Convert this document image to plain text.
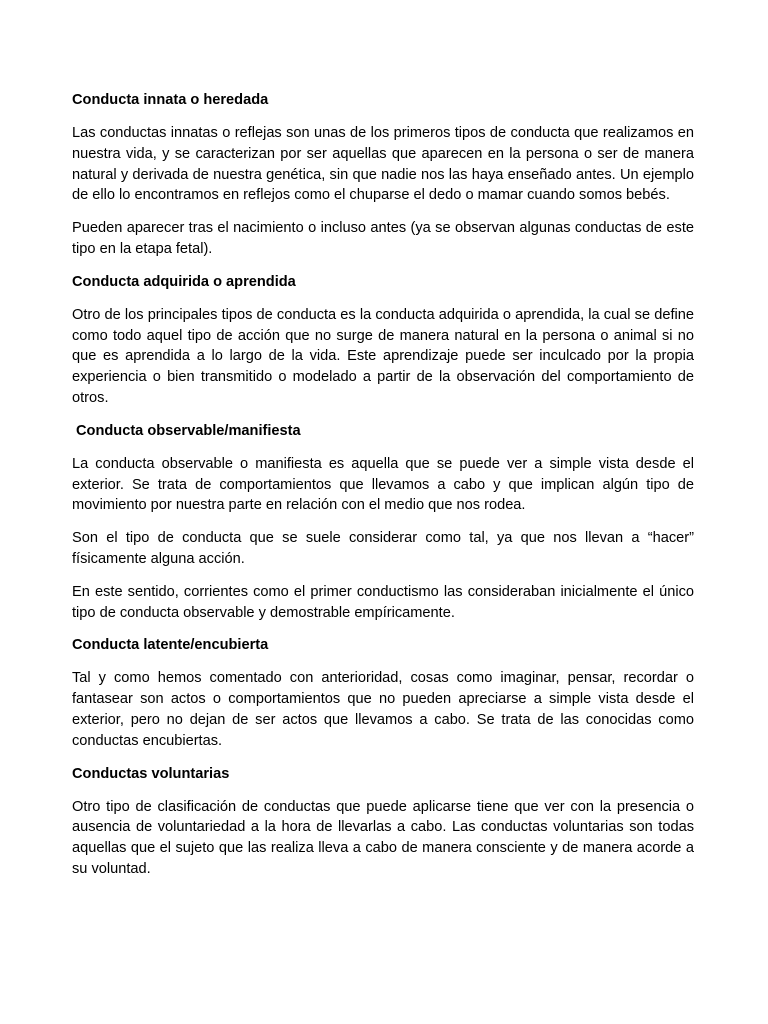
Conducta innata o heredada

Las conductas innatas o reflejas son unas de los primeros tipos de conducta que realizamos en nuestra vida, y se caracterizan por ser aquellas que aparecen en la persona o ser de manera natural y derivada de nuestra genética, sin que nadie nos las haya enseñado antes. Un ejemplo de ello lo encontramos en reflejos como el chuparse el dedo o mamar cuando somos bebés.

Pueden aparecer tras el nacimiento o incluso antes (ya se observan algunas conductas de este tipo en la etapa fetal).

Conducta adquirida o aprendida

Otro de los principales tipos de conducta es la conducta adquirida o aprendida, la cual se define como todo aquel tipo de acción que no surge de manera natural en la persona o animal si no que es aprendida a lo largo de la vida. Este aprendizaje puede ser inculcado por la propia experiencia o bien transmitido o modelado a partir de la observación del comportamiento de otros.

Conducta observable/manifiesta

La conducta observable o manifiesta es aquella que se puede ver a simple vista desde el exterior. Se trata de comportamientos que llevamos a cabo y que implican algún tipo de movimiento por nuestra parte en relación con el medio que nos rodea.

Son el tipo de conducta que se suele considerar como tal, ya que nos llevan a “hacer” físicamente alguna acción.

En este sentido, corrientes como el primer conductismo las consideraban inicialmente el único tipo de conducta observable y demostrable empíricamente.

Conducta latente/encubierta

Tal y como hemos comentado con anterioridad, cosas como imaginar, pensar, recordar o fantasear son actos o comportamientos que no pueden apreciarse a simple vista desde el exterior, pero no dejan de ser actos que llevamos a cabo. Se trata de las conocidas como conductas encubiertas.

Conductas voluntarias

Otro tipo de clasificación de conductas que puede aplicarse tiene que ver con la presencia o ausencia de voluntariedad a la hora de llevarlas a cabo. Las conductas voluntarias son todas aquellas que el sujeto que las realiza lleva a cabo de manera consciente y de manera acorde a su voluntad.
